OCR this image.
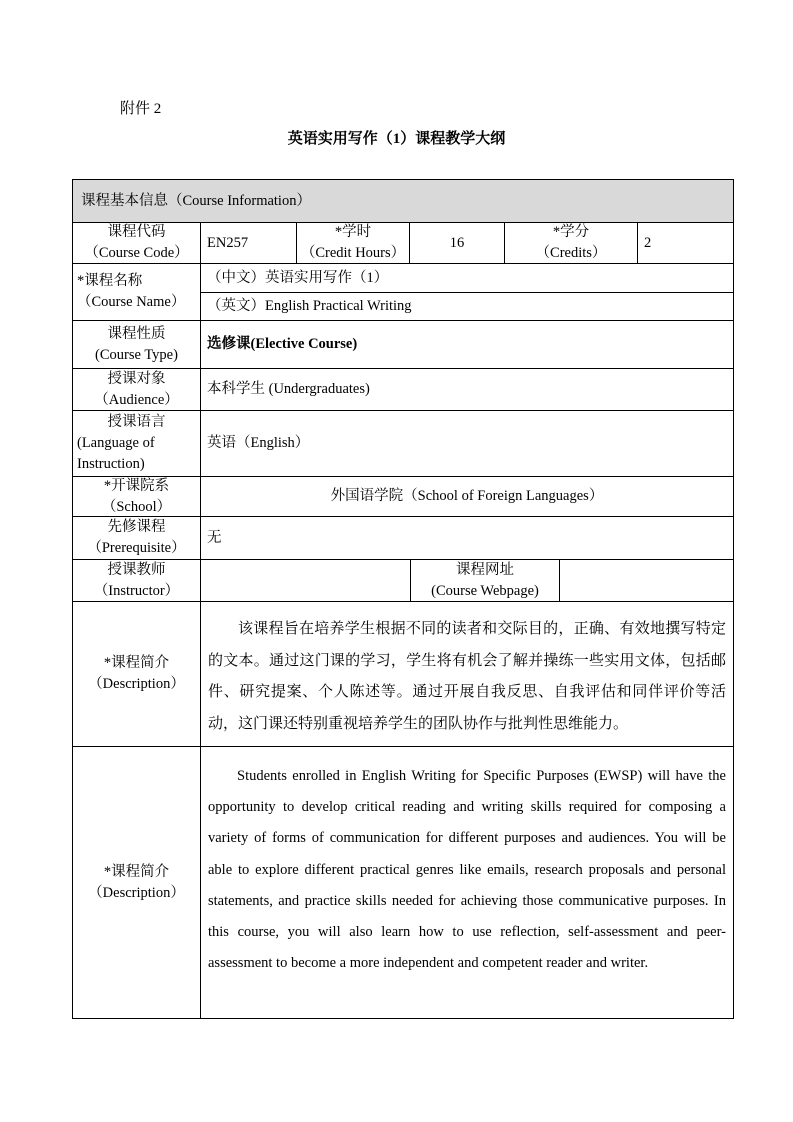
附件 2
英语实用写作（1）课程教学大纲
课程基本信息（Course Information）
课程代码
（Course Code）
EN257
*学时
（Credit Hours）
16
*学分
（Credits）
2
*课程名称
（Course Name）
（中文）英语实用写作（1）
（英文）English Practical Writing
课程性质
(Course Type)
选修课(Elective Course)
授课对象
（Audience）
本科学生 (Undergraduates)
授课语言
(Language of
Instruction)
英语（English）
*开课院系
（School）
外国语学院（School of Foreign Languages）
先修课程
（Prerequisite）
无
授课教师
（Instructor）
课程网址
(Course Webpage)
*课程简介
（Description）
该课程旨在培养学生根据不同的读者和交际目的，正确、有效地撰写特定的文本。通过这门课的学习，学生将有机会了解并操练一些实用文体，包括邮件、研究提案、个人陈述等。通过开展自我反思、自我评估和同伴评价等活动，这门课还特别重视培养学生的团队协作与批判性思维能力。
*课程简介
（Description）
Students enrolled in English Writing for Specific Purposes (EWSP) will have the opportunity to develop critical reading and writing skills required for composing a variety of forms of communication for different purposes and audiences. You will be able to explore different practical genres like emails, research proposals and personal statements, and practice skills needed for achieving those communicative purposes. In this course, you will also learn how to use reflection, self-assessment and peer-assessment to become a more independent and competent reader and writer.
